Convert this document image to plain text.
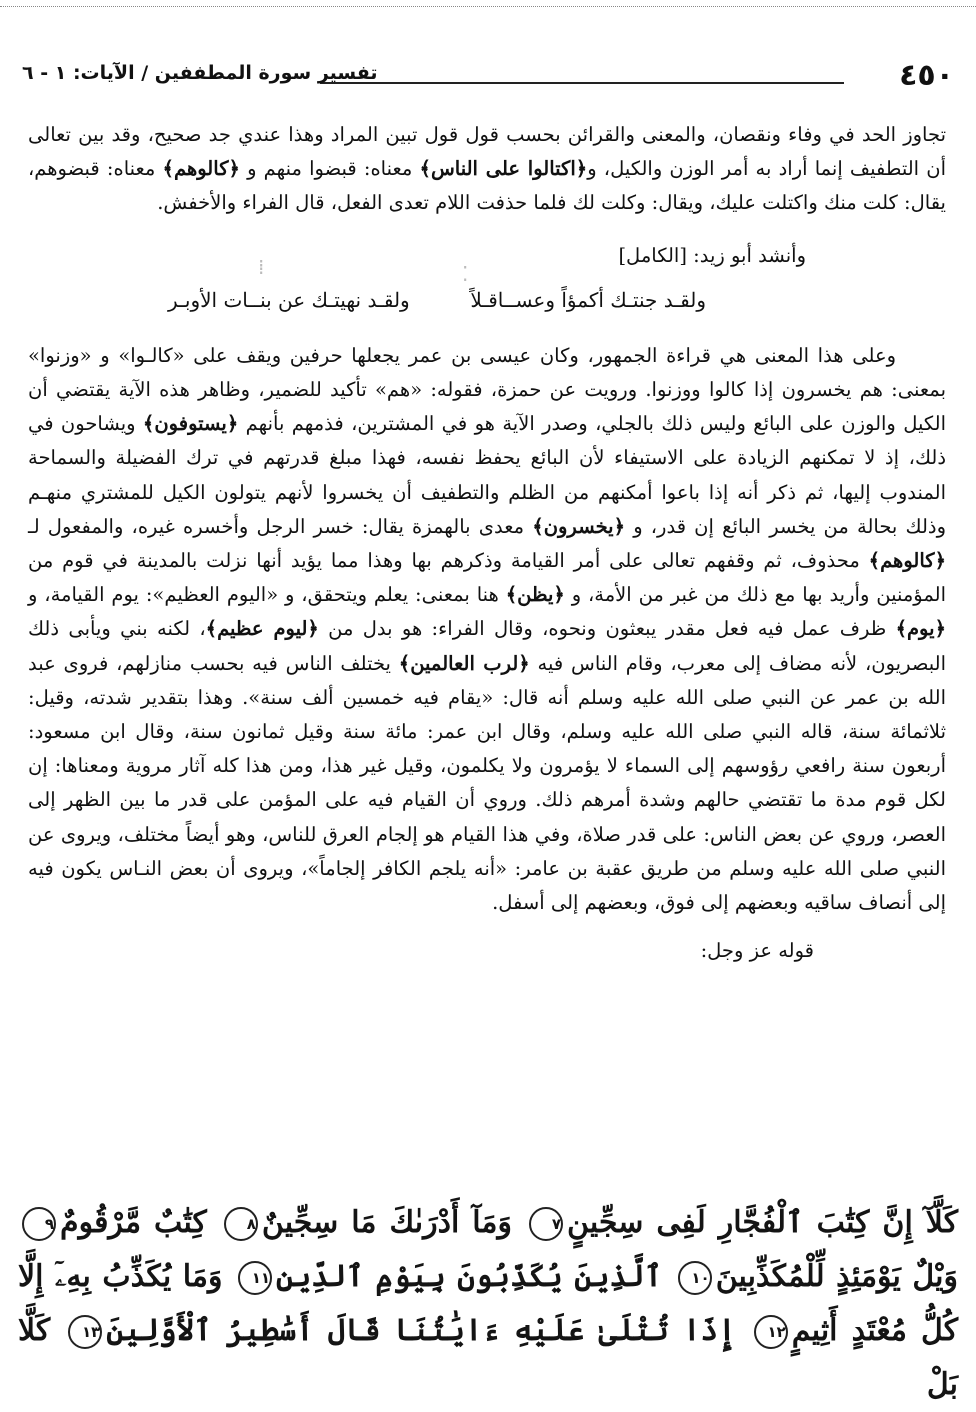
٤٥٠
تفسير سورة المطففين / الآيات: ١ - ٦
⁞	⁚

تجاوز الحد في وفاء ونقصان، والمعنى والقرائن بحسب قول قول تبين المراد وهذا عندي جد صحيح، وقد بين تعالى أن التطفيف إنما أراد به أمر الوزن والكيل، و﴿اكتالوا على الناس﴾ معناه: قبضوا منهم و ﴿كالوهم﴾ معناه: قبضوهم، يقال: كلت منك واكتلت عليك، ويقال: وكلت لك فلما حذفت اللام تعدى الفعل، قال الفراء والأخفش.

وأنشد أبو زيد: [الكامل]

ولقـد جنتـك أكمؤاً وعســاقـلاً
ولقـد نهيتـك عن بنــات الأوبـر

وعلى هذا المعنى هي قراءة الجمهور، وكان عيسى بن عمر يجعلها حرفين ويقف على «كالـوا» و «وزنوا» بمعنى: هم يخسرون إذا كالوا ووزنوا. ورويت عن حمزة، فقوله: «هم» تأكيد للضمير، وظاهر هذه الآية يقتضي أن الكيل والوزن على البائع وليس ذلك بالجلي، وصدر الآية هو في المشترين، فذمهم بأنهم ﴿يستوفون﴾ ويشاحون في ذلك، إذ لا تمكنهم الزيادة على الاستيفاء لأن البائع يحفظ نفسه، فهذا مبلغ قدرتهم في ترك الفضيلة والسماحة المندوب إليها، ثم ذكر أنه إذا باعوا أمكنهم من الظلم والتطفيف أن يخسروا لأنهم يتولون الكيل للمشتري منهـم وذلك بحالة من يخسر البائع إن قدر، و ﴿يخسرون﴾ معدى بالهمزة يقال: خسر الرجل وأخسره غيره، والمفعول لـ ﴿كالوهم﴾ محذوف، ثم وقفهم تعالى على أمر القيامة وذكرهم بها وهذا مما يؤيد أنها نزلت بالمدينة في قوم من المؤمنين وأريد بها مع ذلك من غبر من الأمة، و ﴿يظن﴾ هنا بمعنى: يعلم ويتحقق، و «اليوم العظيم»: يوم القيامة، و ﴿يوم﴾ ظرف عمل فيه فعل مقدر يبعثون ونحوه، وقال الفراء: هو بدل من ﴿ليوم عظيم﴾، لكنه بني ويأبى ذلك البصريون، لأنه مضاف إلى معرب، وقام الناس فيه ﴿لرب العالمين﴾ يختلف الناس فيه بحسب منازلهم، فروى عبد الله بن عمر عن النبي صلى الله عليه وسلم أنه قال: «يقام فيه خمسين ألف سنة». وهذا بتقدير شدته، وقيل: ثلاثمائة سنة، قاله النبي صلى الله عليه وسلم، وقال ابن عمر: مائة سنة وقيل ثمانون سنة، وقال ابن مسعود: أربعون سنة رافعي رؤوسهم إلى السماء لا يؤمرون ولا يكلمون، وقيل غير هذا، ومن هذا كله آثار مروية ومعناها: إن لكل قوم مدة ما تقتضي حالهم وشدة أمرهم ذلك. وروي أن القيام فيه على المؤمن على قدر ما بين الظهر إلى العصر، وروي عن بعض الناس: على قدر صلاة، وفي هذا القيام هو إلجام العرق للناس، وهو أيضاً مختلف، ويروى عن النبي صلى الله عليه وسلم من طريق عقبة بن عامر: «أنه يلجم الكافر إلجاماً»، ويروى أن بعض النـاس يكون فيه إلى أنصاف ساقيه وبعضهم إلى فوق، وبعضهم إلى أسفل.

قوله عز وجل:

كَلَّآ إِنَّ كِتَٰبَ ٱلْفُجَّارِ لَفِى سِجِّينٍ٧ وَمَآ أَدْرَىٰكَ مَا سِجِّينٌ٨ كِتَٰبٌ مَّرْقُومٌ٩ وَيْلٌ يَوْمَئِذٍ لِّلْمُكَذِّبِينَ١٠ ٱلَّذِينَ يُكَذِّبُونَ بِيَوْمِ ٱلدِّينِ١١ وَمَا يُكَذِّبُ بِهِۦٓ إِلَّا كُلُّ مُعْتَدٍ أَثِيمٍ١٢ إِذَا تُتْلَىٰ عَلَيْهِ ءَايَٰتُنَا قَالَ أَسَٰطِيرُ ٱلْأَوَّلِينَ١٣ كَلَّا بَلْ
